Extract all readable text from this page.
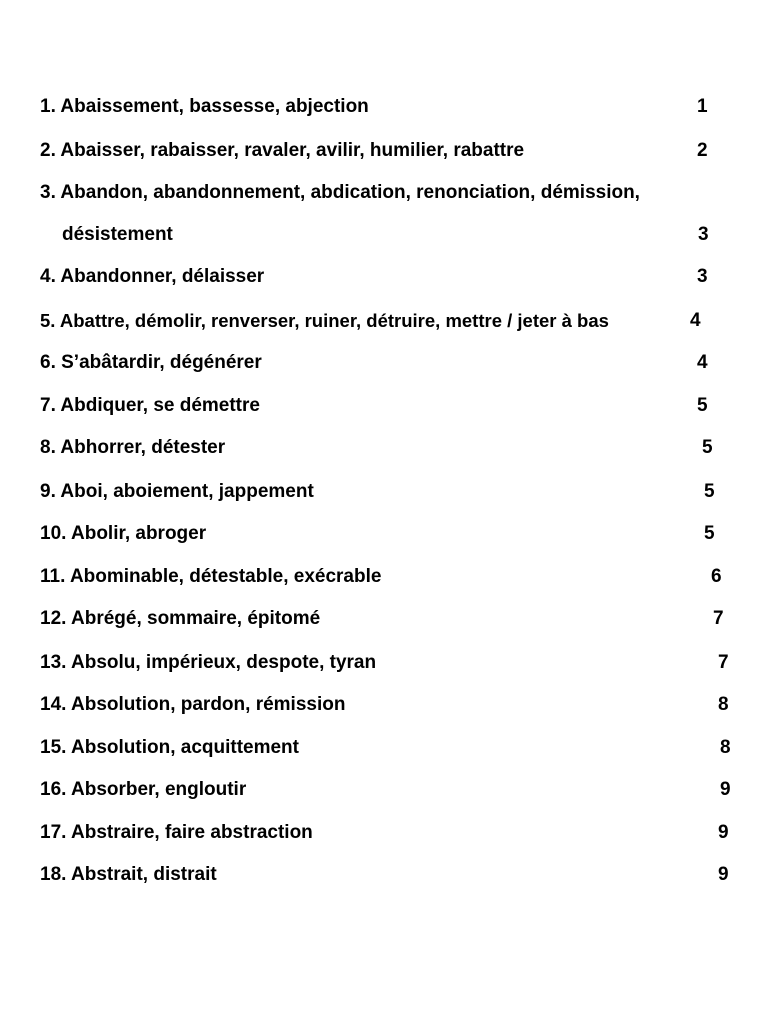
1. Abaissement, bassesse, abjection	1
2. Abaisser, rabaisser, ravaler, avilir, humilier, rabattre	2
3. Abandon, abandonnement, abdication, renonciation, démission,
désistement	3
4. Abandonner, délaisser	3
5. Abattre, démolir, renverser, ruiner, détruire, mettre / jeter à bas	4
6. S’abâtardir, dégénérer	4
7. Abdiquer, se démettre	5
8. Abhorrer, détester	5
9. Aboi, aboiement, jappement	5
10. Abolir, abroger	5
11. Abominable, détestable, exécrable	6
12. Abrégé, sommaire, épitomé	7
13. Absolu, impérieux, despote, tyran	7
14. Absolution, pardon, rémission	8
15. Absolution, acquittement	8
16. Absorber, engloutir	9
17. Abstraire, faire abstraction	9
18. Abstrait, distrait	9
